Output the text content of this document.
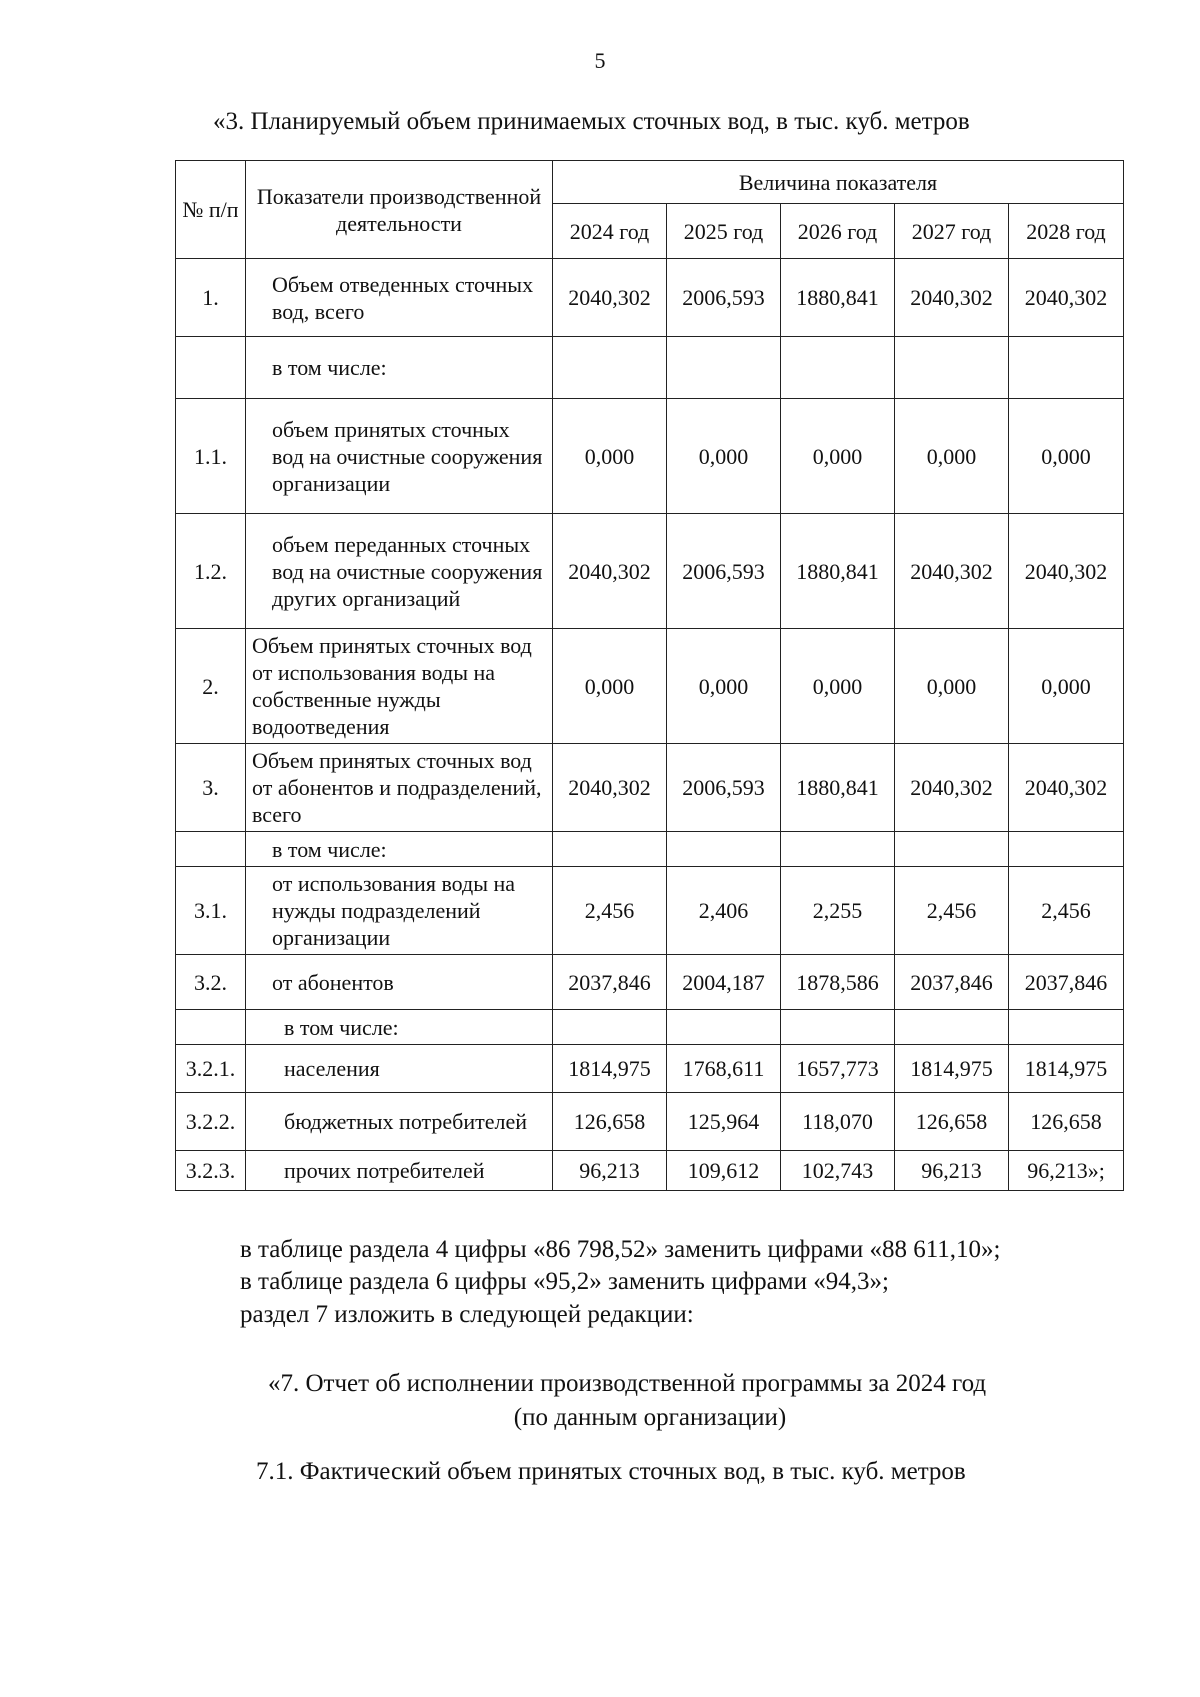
5
«3. Планируемый объем принимаемых сточных вод, в тыс. куб. метров
№ п/п	Показатели производственной деятельности	Величина показателя				
		2024 год	2025 год	2026 год	2027 год	2028 год
1.	Объем отведенных сточных вод, всего	2040,302	2006,593	1880,841	2040,302	2040,302
	в том числе:					
1.1.	объем принятых сточных вод на очистные сооружения организации	0,000	0,000	0,000	0,000	0,000
1.2.	объем переданных сточных вод на очистные сооружения других организаций	2040,302	2006,593	1880,841	2040,302	2040,302
2.	Объем принятых сточных вод от использования воды на собственные нужды водоотведения	0,000	0,000	0,000	0,000	0,000
3.	Объем принятых сточных вод от абонентов и подразделений, всего	2040,302	2006,593	1880,841	2040,302	2040,302
	в том числе:					
3.1.	от использования воды на нужды подразделений организации	2,456	2,406	2,255	2,456	2,456
3.2.	от абонентов	2037,846	2004,187	1878,586	2037,846	2037,846
	в том числе:					
3.2.1.	населения	1814,975	1768,611	1657,773	1814,975	1814,975
3.2.2.	бюджетных потребителей	126,658	125,964	118,070	126,658	126,658
3.2.3.	прочих потребителей	96,213	109,612	102,743	96,213	96,213»;
в таблице раздела 4 цифры «86 798,52» заменить цифрами «88 611,10»;
в таблице раздела 6 цифры «95,2» заменить цифрами «94,3»;
раздел 7 изложить в следующей редакции:
«7. Отчет об исполнении производственной программы за 2024 год
(по данным организации)
7.1. Фактический объем принятых сточных вод, в тыс. куб. метров
